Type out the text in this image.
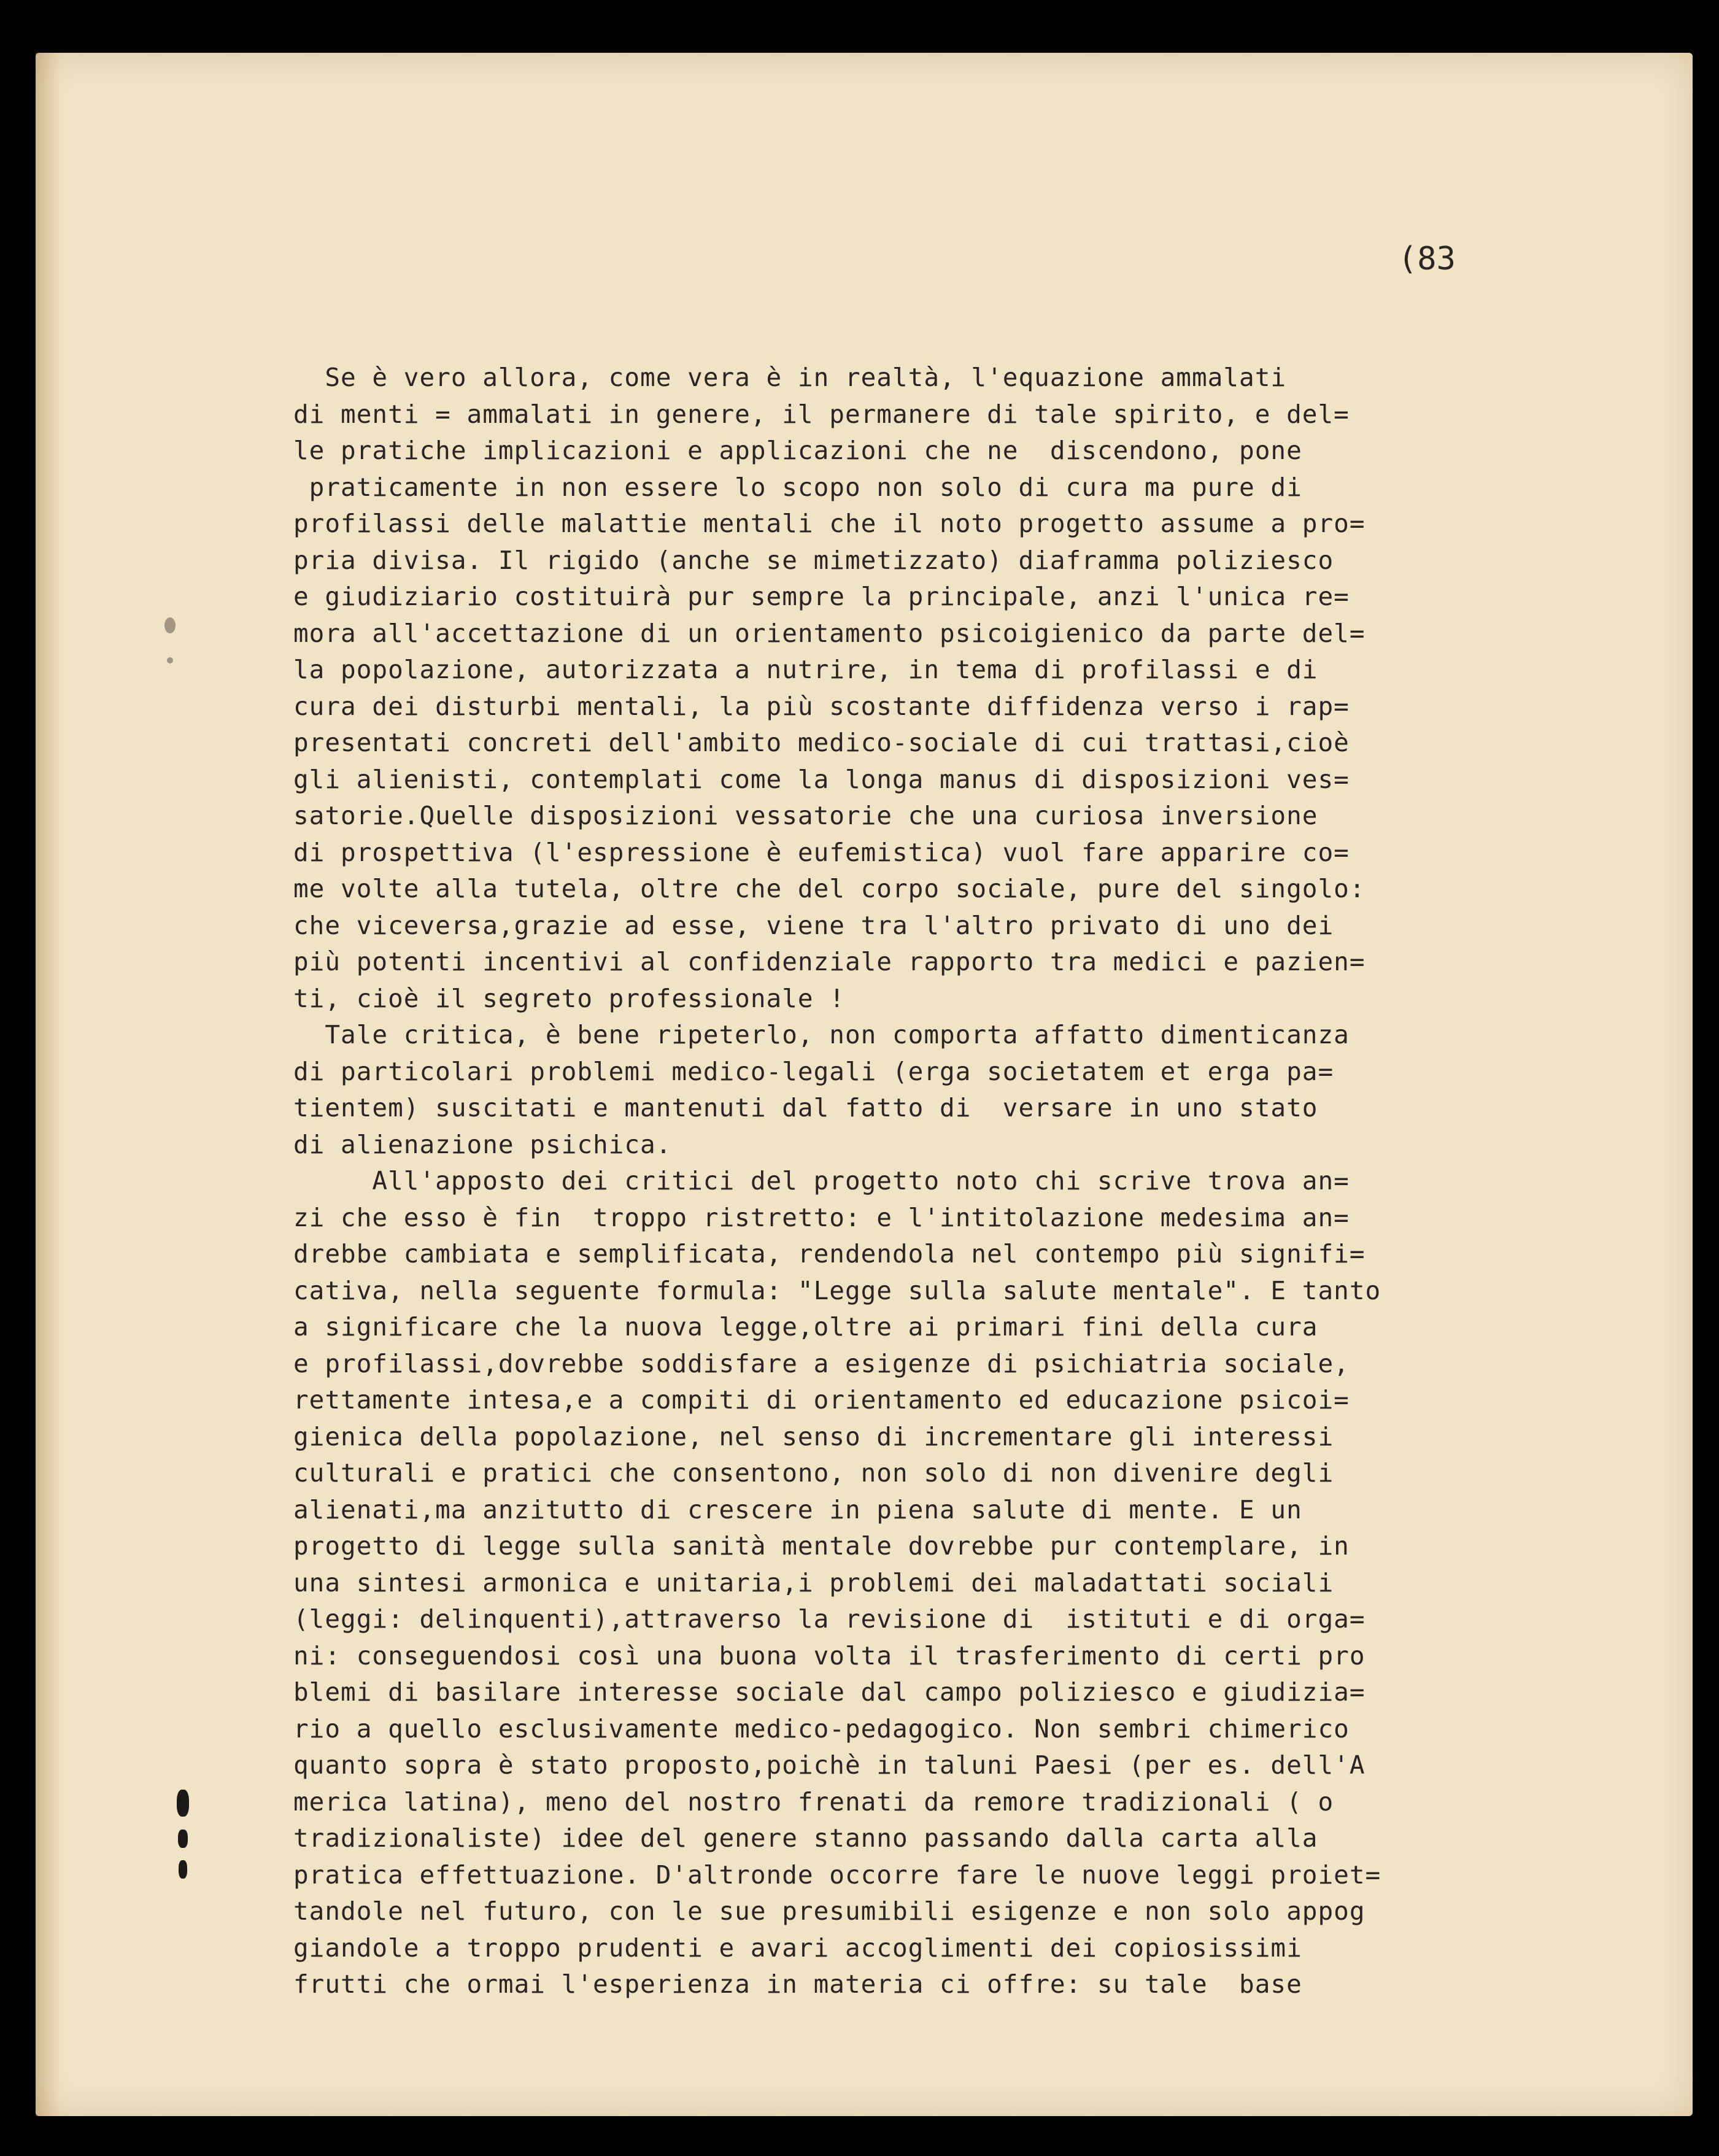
(83
Se è vero allora, come vera è in realtà, l'equazione ammalati
di menti = ammalati in genere, il permanere di tale spirito, e del=
le pratiche implicazioni e applicazioni che ne  discendono, pone
praticamente in non essere lo scopo non solo di cura ma pure di
profilassi delle malattie mentali che il noto progetto assume a pro=
pria divisa. Il rigido (anche se mimetizzato) diaframma poliziesco
e giudiziario costituirà pur sempre la principale, anzi l'unica re=
mora all'accettazione di un orientamento psicoigienico da parte del=
la popolazione, autorizzata a nutrire, in tema di profilassi e di
cura dei disturbi mentali, la più scostante diffidenza verso i rap=
presentati concreti dell'ambito medico-sociale di cui trattasi,cioè
gli alienisti, contemplati come la longa manus di disposizioni ves=
satorie.Quelle disposizioni vessatorie che una curiosa inversione
di prospettiva (l'espressione è eufemistica) vuol fare apparire co=
me volte alla tutela, oltre che del corpo sociale, pure del singolo:
che viceversa,grazie ad esse, viene tra l'altro privato di uno dei
più potenti incentivi al confidenziale rapporto tra medici e pazien=
ti, cioè il segreto professionale !
Tale critica, è bene ripeterlo, non comporta affatto dimenticanza
di particolari problemi medico-legali (erga societatem et erga pa=
tientem) suscitati e mantenuti dal fatto di  versare in uno stato
di alienazione psichica.
All'apposto dei critici del progetto noto chi scrive trova an=
zi che esso è fin  troppo ristretto: e l'intitolazione medesima an=
drebbe cambiata e semplificata, rendendola nel contempo più signifi=
cativa, nella seguente formula: "Legge sulla salute mentale". E tanto
a significare che la nuova legge,oltre ai primari fini della cura
e profilassi,dovrebbe soddisfare a esigenze di psichiatria sociale,
rettamente intesa,e a compiti di orientamento ed educazione psicoi=
gienica della popolazione, nel senso di incrementare gli interessi
culturali e pratici che consentono, non solo di non divenire degli
alienati,ma anzitutto di crescere in piena salute di mente. E un
progetto di legge sulla sanità mentale dovrebbe pur contemplare, in
una sintesi armonica e unitaria,i problemi dei maladattati sociali
(leggi: delinquenti),attraverso la revisione di  istituti e di orga=
ni: conseguendosi così una buona volta il trasferimento di certi pro
blemi di basilare interesse sociale dal campo poliziesco e giudizia=
rio a quello esclusivamente medico-pedagogico. Non sembri chimerico
quanto sopra è stato proposto,poichè in taluni Paesi (per es. dell'A
merica latina), meno del nostro frenati da remore tradizionali ( o
tradizionaliste) idee del genere stanno passando dalla carta alla
pratica effettuazione. D'altronde occorre fare le nuove leggi proiet=
tandole nel futuro, con le sue presumibili esigenze e non solo appog
giandole a troppo prudenti e avari accoglimenti dei copiosissimi
frutti che ormai l'esperienza in materia ci offre: su tale  base
